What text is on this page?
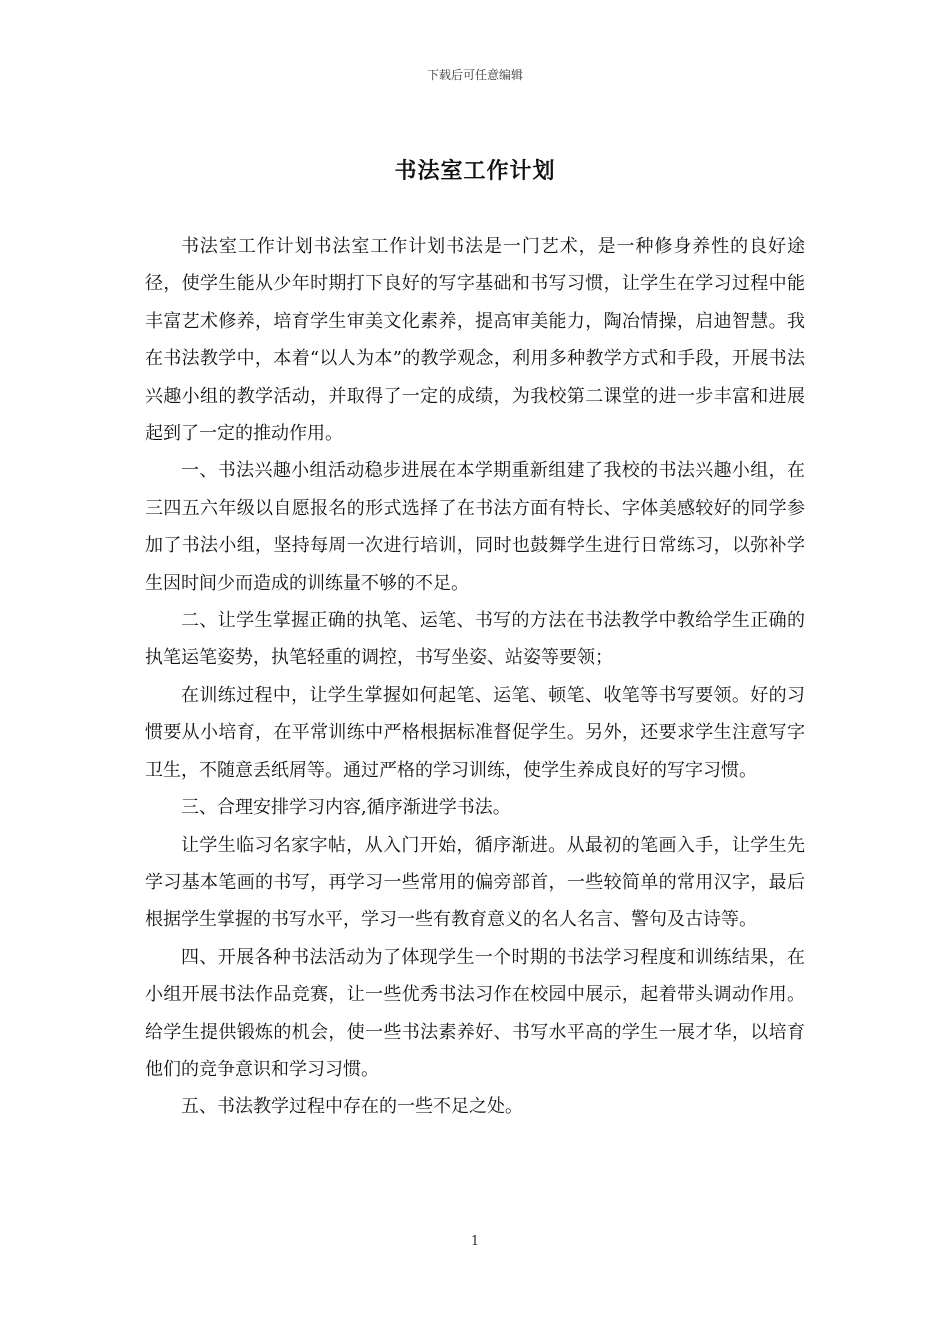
下载后可任意编辑
书法室工作计划

书法室工作计划书法室工作计划书法是一门艺术，是一种修身养性的良好途径，使学生能从少年时期打下良好的写字基础和书写习惯，让学生在学习过程中能丰富艺术修养，培育学生审美文化素养，提高审美能力，陶冶情操，启迪智慧。我在书法教学中，本着“以人为本”的教学观念，利用多种教学方式和手段，开展书法兴趣小组的教学活动，并取得了一定的成绩，为我校第二课堂的进一步丰富和进展起到了一定的推动作用。

一、书法兴趣小组活动稳步进展在本学期重新组建了我校的书法兴趣小组，在三四五六年级以自愿报名的形式选择了在书法方面有特长、字体美感较好的同学参加了书法小组，坚持每周一次进行培训，同时也鼓舞学生进行日常练习，以弥补学生因时间少而造成的训练量不够的不足。

二、让学生掌握正确的执笔、运笔、书写的方法在书法教学中教给学生正确的执笔运笔姿势，执笔轻重的调控，书写坐姿、站姿等要领；

在训练过程中，让学生掌握如何起笔、运笔、顿笔、收笔等书写要领。好的习惯要从小培育，在平常训练中严格根据标准督促学生。另外，还要求学生注意写字卫生，不随意丢纸屑等。通过严格的学习训练，使学生养成良好的写字习惯。

三、合理安排学习内容,循序渐进学书法。

让学生临习名家字帖，从入门开始，循序渐进。从最初的笔画入手，让学生先学习基本笔画的书写，再学习一些常用的偏旁部首，一些较简单的常用汉字，最后根据学生掌握的书写水平，学习一些有教育意义的名人名言、警句及古诗等。

四、开展各种书法活动为了体现学生一个时期的书法学习程度和训练结果，在小组开展书法作品竞赛，让一些优秀书法习作在校园中展示，起着带头调动作用。给学生提供锻炼的机会，使一些书法素养好、书写水平高的学生一展才华，以培育他们的竞争意识和学习习惯。

五、书法教学过程中存在的一些不足之处。

1
